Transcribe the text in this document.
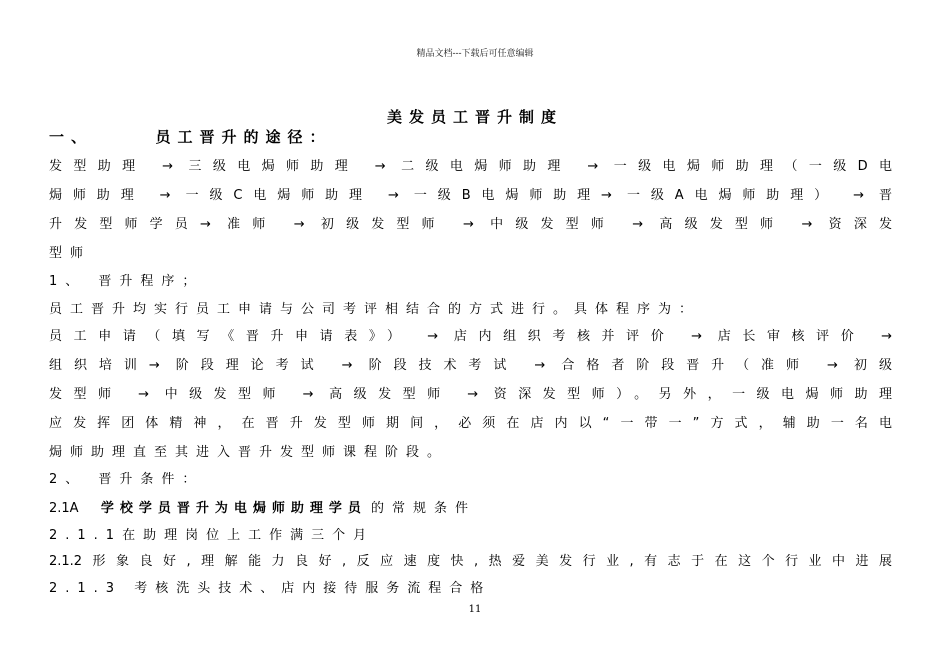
精品文档---下载后可任意编辑
美发员工晋升制度
一、	员工晋升的途径：
发型助理 → 三级电焗师助理 → 二级电焗师助理 → 一级电焗师助理（一级D电
焗师助理 → 一级C电焗师助理 → 一级B电焗师助理→ 一级A电焗师助理） → 晋
升发型师学员→ 准师 → 初级发型师 → 中级发型师 → 高级发型师 → 资深发
型师
1、 晋升程序；
员工晋升均实行员工申请与公司考评相结合的方式进行。具体程序为：
员工申请（填写《晋升申请表》） → 店内组织考核并评价 → 店长审核评价 →
组织培训→ 阶段理论考试 → 阶段技术考试 → 合格者阶段晋升（准师 → 初级
发型师 → 中级发型师 → 高级发型师 → 资深发型师）。另外，一级电焗师助理
应发挥团体精神，在晋升发型师期间，必须在店内以“一带一”方式，辅助一名电
焗师助理直至其进入晋升发型师课程阶段。
2、 晋升条件：
2.1A 学校学员晋升为电焗师助理学员 的常规条件
2.1.1在助理岗位上工作满三个月
2.1.2形象良好,理解能力良好,反应速度快,热爱美发行业,有志于在这个行业中进展
2.1.3 考核洗头技术、店内接待服务流程合格
11
